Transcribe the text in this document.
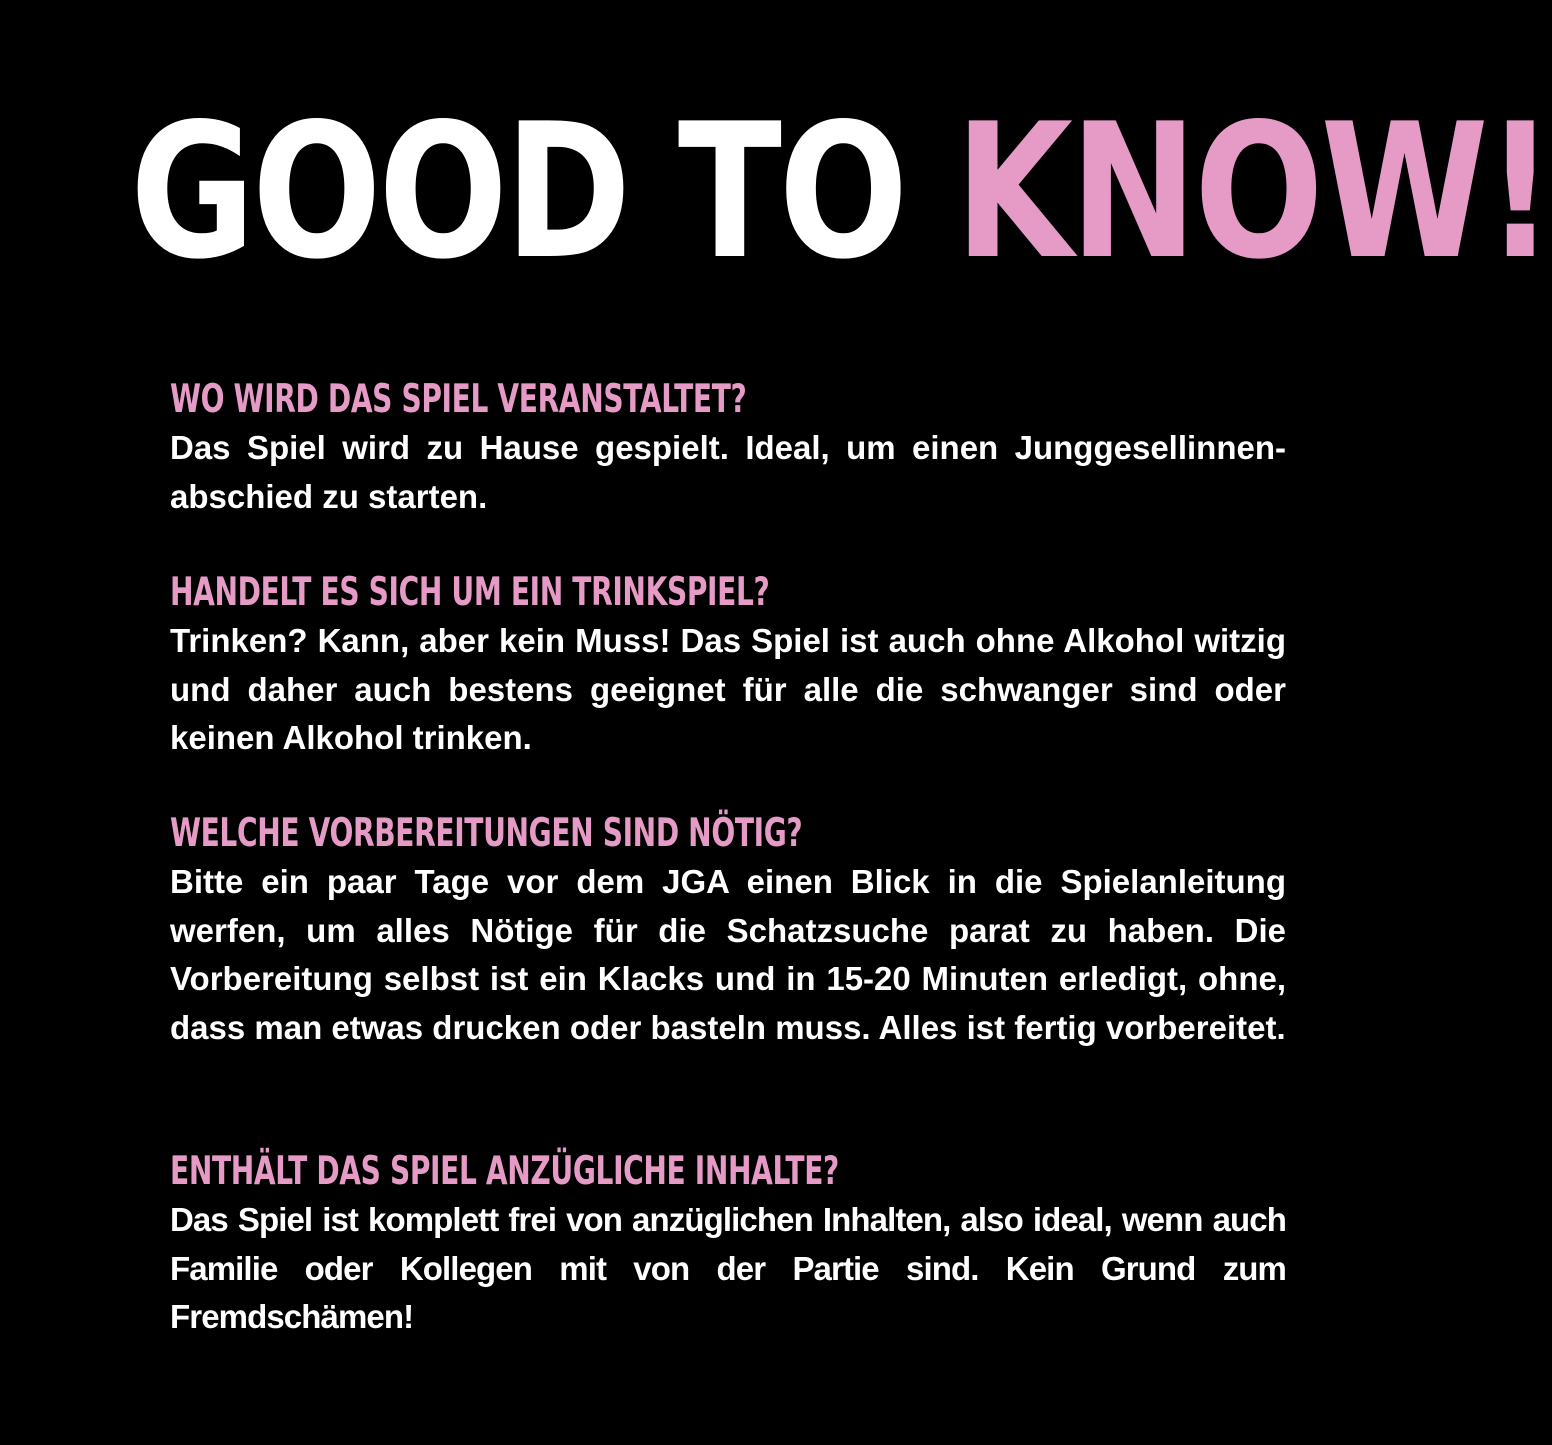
GOOD TO KNOW!
WO WIRD DAS SPIEL VERANSTALTET?
Das Spiel wird zu Hause gespielt. Ideal, um einen Junggesellinnen-abschied zu starten.
HANDELT ES SICH UM EIN TRINKSPIEL?
Trinken? Kann, aber kein Muss! Das Spiel ist auch ohne Alkohol witzig und daher auch bestens geeignet für alle die schwanger sind oder keinen Alkohol trinken.
WELCHE VORBEREITUNGEN SIND NÖTIG?
Bitte ein paar Tage vor dem JGA einen Blick in die Spielanleitung werfen, um alles Nötige für die Schatzsuche parat zu haben. Die Vorbereitung selbst ist ein Klacks und in 15-20 Minuten erledigt, ohne, dass man etwas drucken oder basteln muss. Alles ist fertig vorbereitet.
ENTHÄLT DAS SPIEL ANZÜGLICHE INHALTE?
Das Spiel ist komplett frei von anzüglichen Inhalten, also ideal, wenn auch Familie oder Kollegen mit von der Partie sind. Kein Grund zum Fremdschämen!
